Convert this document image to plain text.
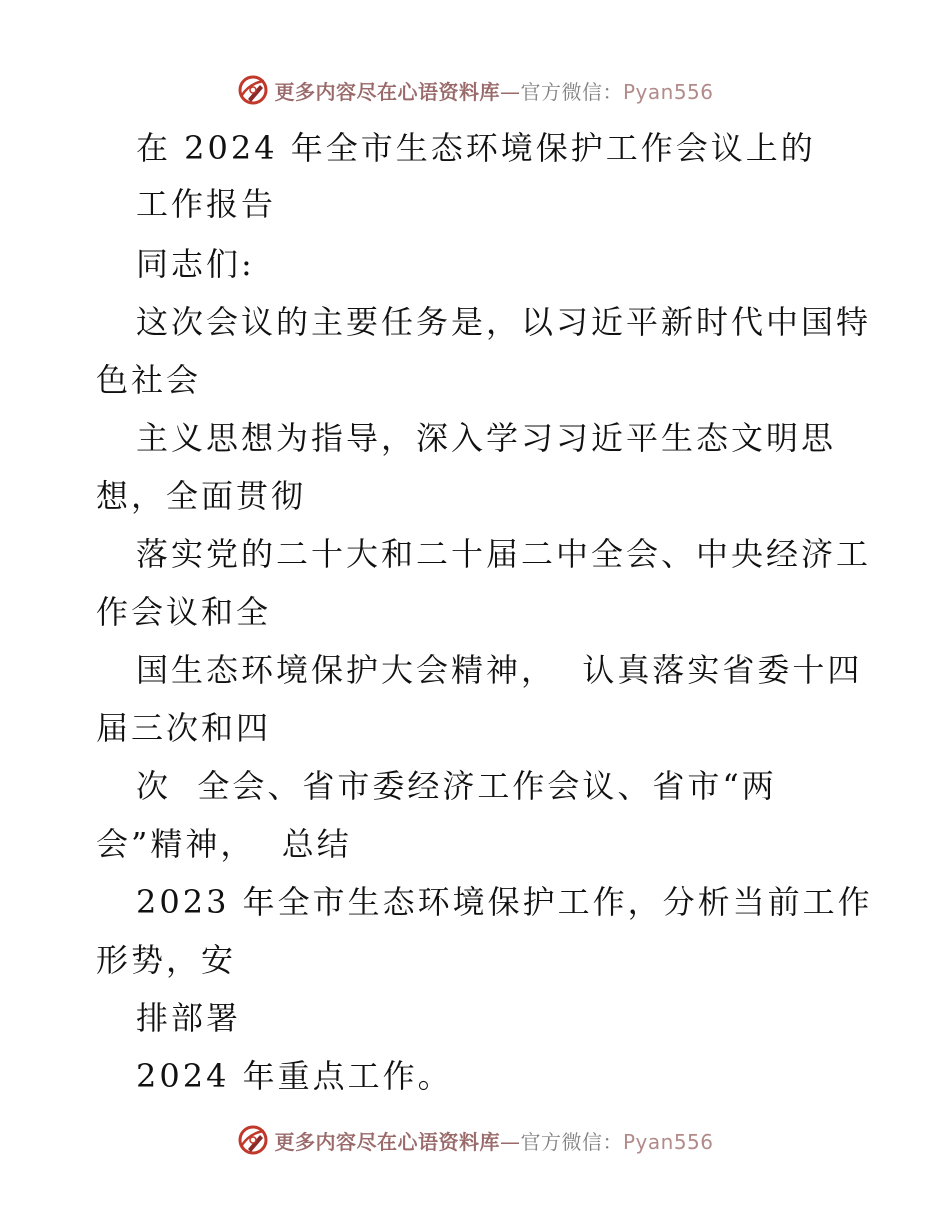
更多内容尽在心语资料库—官方微信：Pyan556
在 2024 年全市生态环境保护工作会议上的
工作报告
同志们:
这次会议的主要任务是，以习近平新时代中国特
色社会
主义思想为指导，深入学习习近平生态文明思
想，全面贯彻
落实党的二十大和二十届二中全会、中央经济工
作会议和全
国生态环境保护大会精神，  认真落实省委十四
届三次和四
次  全会、省市委经济工作会议、省市“两
会”精神，  总结
2023 年全市生态环境保护工作，分析当前工作
形势，安
排部署
2024 年重点工作。
更多内容尽在心语资料库—官方微信：Pyan556
